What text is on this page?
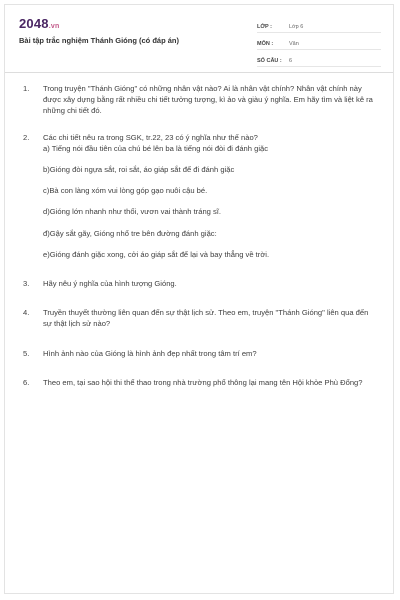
2048.vn
Bài tập trắc nghiệm Thánh Gióng (có đáp án)
LỚP :	Lớp 6
MÔN :	Văn
SỐ CÂU :	6
1.	Trong truyện "Thánh Gióng" có những nhân vật nào? Ai là nhân vật chính? Nhân vật chính này được xây dựng bằng rất nhiều chi tiết tưởng tượng, kì ảo và giàu ý nghĩa. Em hãy tìm và liệt kê ra những chi tiết đó.

2.	Các chi tiết nêu ra trong SGK, tr.22, 23 có ý nghĩa như thế nào?

a) Tiếng nói đầu tiên của chú bé lên ba là tiếng nói đòi đi đánh giặc

b)Gióng đòi ngựa sắt, roi sắt, áo giáp sắt để đi đánh giặc

c)Bà con làng xóm vui lòng góp gạo nuôi cậu bé.

d)Gióng lớn nhanh như thổi, vươn vai thành tráng sĩ.

đ)Gậy sắt gãy, Gióng nhổ tre bên đường đánh giặc:

e)Gióng đánh giặc xong, cởi áo giáp sắt để lại và bay thẳng về trời.

3.	Hãy nêu ý nghĩa của hình tượng Gióng.

4.	Truyền thuyết thường liên quan đến sự thật lịch sử. Theo em, truyện "Thánh Gióng" liên qua đến sự thật lịch sử nào?

5.	Hình ảnh nào của Gióng là hình ảnh đẹp nhất trong tâm trí em?

6.	Theo em, tại sao hội thi thể thao trong nhà trường phổ thông lại mang tên Hội khỏe Phù Đổng?
